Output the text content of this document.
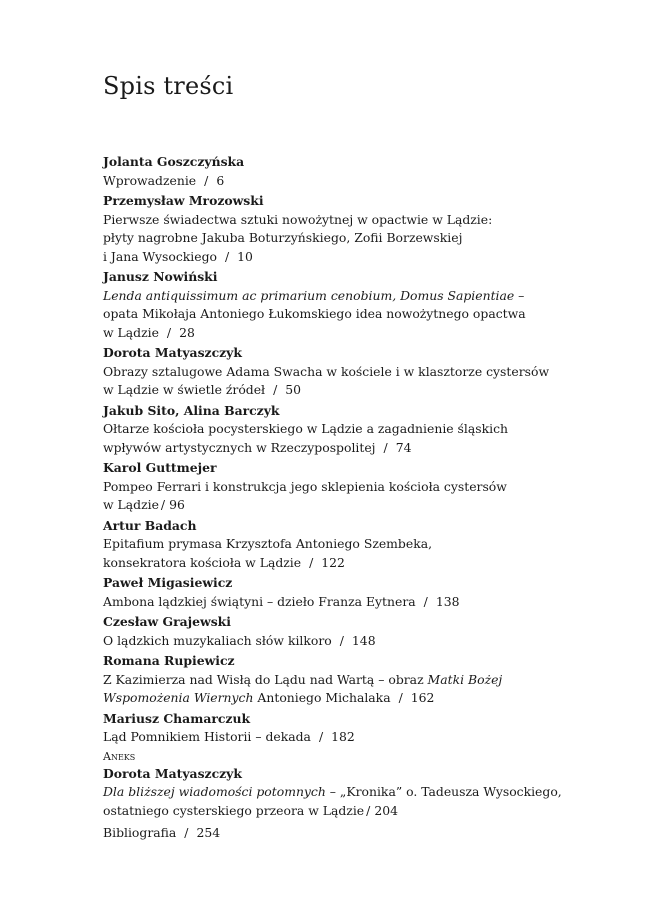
Spis treści
Jolanta Goszczyńska
Wprowadzenie / 6
Przemysław Mrozowski
Pierwsze świadectwa sztuki nowożytnej w opactwie w Lądzie:
płyty nagrobne Jakuba Boturzyńskiego, Zofii Borzewskiej
i Jana Wysockiego / 10
Janusz Nowiński
Lenda antiquissimum ac primarium cenobium, Domus Sapientiae –
opata Mikołaja Antoniego Łukomskiego idea nowożytnego opactwa
w Lądzie / 28
Dorota Matyaszczyk
Obrazy sztalugowe Adama Swacha w kościele i w klasztorze cystersów
w Lądzie w świetle źródeł / 50
Jakub Sito, Alina Barczyk
Ołtarze kościoła pocysterskiego w Lądzie a zagadnienie śląskich
wpływów artystycznych w Rzeczypospolitej / 74
Karol Guttmejer
Pompeo Ferrari i konstrukcja jego sklepienia kościoła cystersów
w Lądzie / 96
Artur Badach
Epitafium prymasa Krzysztofa Antoniego Szembeka,
konsekratora kościoła w Lądzie / 122
Paweł Migasiewicz
Ambona lądzkiej świątyni – dzieło Franza Eytnera / 138
Czesław Grajewski
O lądzkich muzykaliach słów kilkoro / 148
Romana Rupiewicz
Z Kazimierza nad Wisłą do Lądu nad Wartą – obraz Matki Bożej
Wspomożenia Wiernych Antoniego Michalaka / 162
Mariusz Chamarczuk
Ląd Pomnikiem Historii – dekada / 182
Aneks
Dorota Matyaszczyk
Dla bliższej wiadomości potomnych – „Kronika” o. Tadeusza Wysockiego,
ostatniego cysterskiego przeora w Lądzie / 204
Bibliografia / 254
